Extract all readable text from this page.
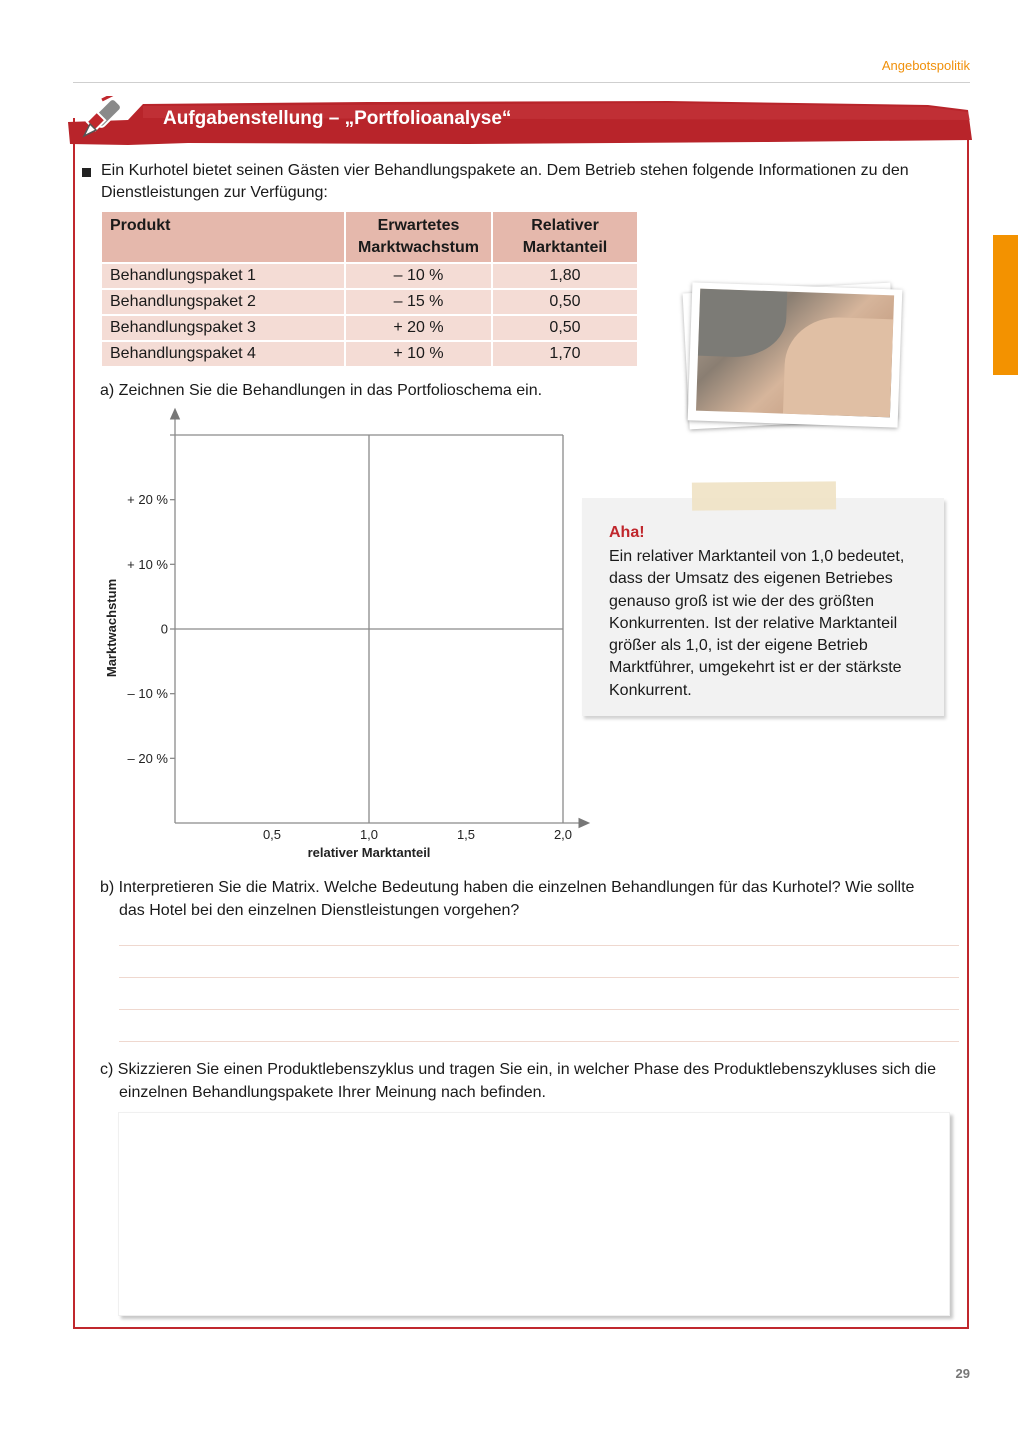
Angebotspolitik
Aufgabenstellung – „Portfolioanalyse“
Ein Kurhotel bietet seinen Gästen vier Behandlungspakete an. Dem Betrieb stehen folgende Informationen zu den Dienstleistungen zur Verfügung:
Produkt	Erwartetes Marktwachstum	Relativer Marktanteil
Behandlungspaket 1	– 10 %	1,80
Behandlungspaket 2	– 15 %	0,50
Behandlungspaket 3	+ 20 %	0,50
Behandlungspaket 4	+ 10 %	1,70
a) Zeichnen Sie die Behandlungen in das Portfolioschema ein.
+ 20 %
+ 10 %
0
– 10 %
– 20 %
0,5	1,0	1,5	2,0
relativer Marktanteil
Marktwachstum
Aha!
Ein relativer Marktanteil von 1,0 bedeutet, dass der Umsatz des eigenen Betriebes genauso groß ist wie der des größten Konkurrenten. Ist der relative Marktanteil größer als 1,0, ist der eigene Betrieb Marktführer, umgekehrt ist er der stärkste Konkurrent.
b) Interpretieren Sie die Matrix. Welche Bedeutung haben die einzelnen Behandlungen für das Kurhotel? Wie sollte
das Hotel bei den einzelnen Dienstleistungen vorgehen?
c) Skizzieren Sie einen Produktlebenszyklus und tragen Sie ein, in welcher Phase des Produktlebenszykluses sich die
einzelnen Behandlungspakete Ihrer Meinung nach befinden.
29
